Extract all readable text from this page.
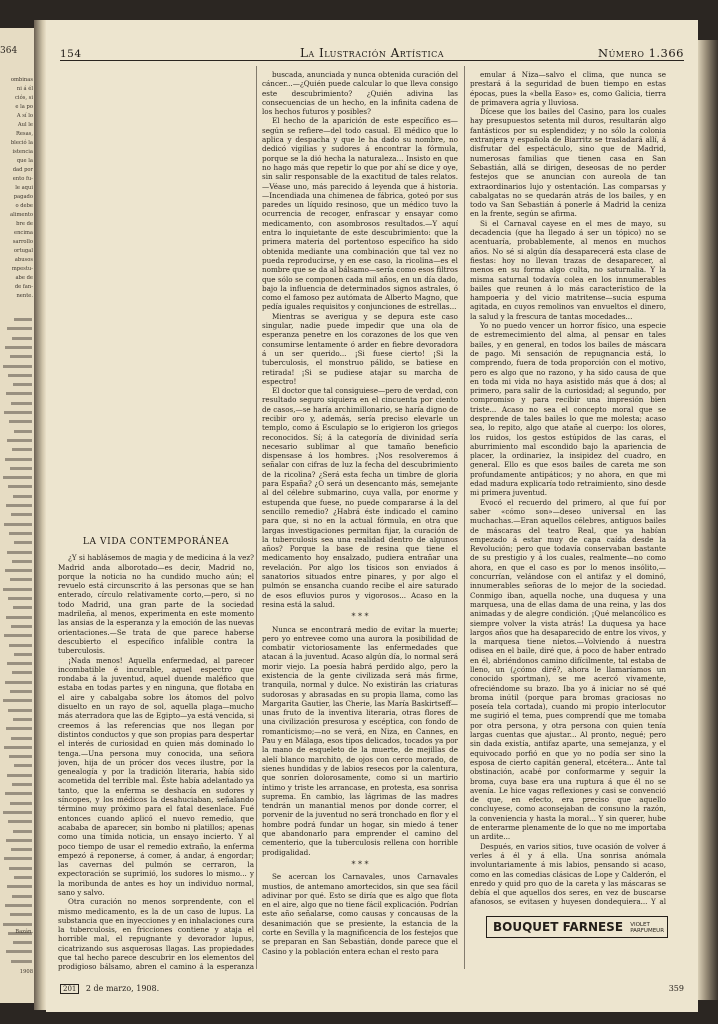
364
ombinas
ni á él
ciós, si
e la po
A sí lo
Aul le
Resas,
bleció la
istencia
que la
dad por
ento fu-
le aqui
pagado
o debe
alimento
bre de
encima
sarrollo
ortugal
abusos
mpestu-
abe de
de fan-
nente.
Bazán.
1908
154	La Ilustración Artística	Número 1.366

LA VIDA CONTEMPORÁNEA

¿Y si hablásemos de magia y de medicina á la vez? Madrid anda alborotado—es decir, Madrid no, porque la noticia no ha cundido mucho aún; el revuelo está circunscrito á las personas que se han enterado, círculo relativamente corto,—pero, si no todo Madrid, una gran parte de la sociedad madrileña, al menos, experimenta en este momento las ansias de la esperanza y la emoción de las nuevas orientaciones.—Se trata de que parece haberse descubierto el específico infalible contra la tuberculosis.

¡Nada menos! Aquella enfermedad, al parecer incombatible é incurable, aquel espectro que rondaba á la juventud, aquel duende maléfico que estaba en todas partes y en ninguna, que flotaba en el aire y cabalgaba sobre los átomos del polvo disuelto en un rayo de sol, aquella plaga—mucho más aterradora que las de Egipto—ya está vencida, si creemos á las referencias que nos llegan por distintos conductos y que son propias para despertar el interés de curiosidad en quien más dominado lo tenga.—Una persona muy conocida, una señora joven, hija de un prócer dos veces ilustre, por la genealogía y por la tradición literaria, había sido acometida del terrible mal. Éste había adelantado ya tanto, que la enferma se deshacía en sudores y síncopes, y los médicos la desahuciaban, señalando término muy próximo para el fatal desenlace. Fué entonces cuando aplicó el nuevo remedio, que acababa de aparecer, sin bombo ni platillos; apenas como una tímida noticia, un ensayo incierto. Y al poco tiempo de usar el remedio extraño, la enferma empezó á reponerse, á comer, á andar, á engordar; las cavernas del pulmón se cerraron, la expectoración se suprimió, los sudores lo mismo... y la moribunda de antes es hoy un individuo normal, sano y salvo.

Otra curación no menos sorprendente, con el mismo medicamento, es la de un caso de lupus. La substancia que en inyecciones y en inhalaciones cura la tuberculosis, en fricciones contiene y ataja el horrible mal, el repugnante y devorador lupus, cicatrizando sus asquerosas llagas. Las propiedades que tal hecho parece descubrir en los elementos del prodigioso bálsamo, abren el camino á la esperanza

buscada, anunciada y nunca obtenida curación del cáncer...—¿Quién puede calcular lo que lleva consigo este descubrimiento? ¿Quién adivina las consecuencias de un hecho, en la infinita cadena de los hechos futuros y posibles?

El hecho de la aparición de este específico es—según se refiere—del todo casual. El médico que lo aplica y despacha y que le ha dado su nombre, no dedicó vigilias y sudores á encontrar la fórmula, porque se la dió hecha la naturaleza... Insisto en que no hago más que repetir lo que por ahí se dice y oye, sin salir responsable de la exactitud de tales relatos.—Véase uno, más parecido á leyenda que á historia.—Incendiada una chimenea de fábrica, goteó por sus paredes un líquido resinoso, que un médico tuvo la ocurrencia de recoger, enfrascar y ensayar como medicamento, con asombrosos resultados.—Y aquí entra lo inquietante de este descubrimiento: que la primera materia del portentoso específico ha sido obtenida mediante una combinación que tal vez no pueda reproducirse, y en ese caso, la ricolina—es el nombre que se da al bálsamo—sería como esos filtros que sólo se componen cada mil años, en un día dado, bajo la influencia de determinados signos astrales, ó como el famoso pez autómata de Alberto Magno, que pedía iguales requisitos y conjunciones de estrellas...

Mientras se averigua y se depura este caso singular, nadie puede impedir que una ola de esperanza penetre en los corazones de los que ven consumirse lentamente ó arder en fiebre devoradora á un ser querido... ¡Si fuese cierto! ¡Si la tuberculosis, el monstruo pálido, se batiese en retirada! ¡Si se pudiese atajar su marcha de espectro!

El doctor que tal consiguiese—pero de verdad, con resultado seguro siquiera en el cincuenta por ciento de casos,—se haría archimillonario, se haría digno de recibir oro y, además, sería preciso elevarle un templo, como á Esculapio se lo erigieron los griegos reconocidos. Sí; á la categoría de divinidad sería necesario sublimar al que tamaño beneficio dispensase á los hombres. ¡Nos resolveremos á señalar con cifras de luz la fecha del descubrimiento de la ricolina? ¿Será esta fecha un timbre de gloria para España? ¿O será un desencanto más, semejante al del célebre submarino, cuya valla, por enorme y estupenda que fuese, no puede compararse á la del sencillo remedio? ¿Habrá éste indicado el camino para que, si no en la actual fórmula, en otra que largas investigaciones permitan fijar, la curación de la tuberculosis sea una realidad dentro de algunos años? Porque la base de resina que tiene el medicamento hoy ensalzado, pudiera entrañar una revelación. Por algo los tísicos son enviados á sanatorios situados entre pinares, y por algo el pulmón se ensancha cuando recibe el aire saturado de esos efluvios puros y vigorosos... Acaso en la resina está la salud.

* * *

Nunca se encontrará medio de evitar la muerte; pero yo entrevee como una aurora la posibilidad de combatir victoriosamente las enfermedades que atacan á la juventud. Acaso algún día, lo normal será morir viejo. La poesía habrá perdido algo, pero la existencia de la gente civilizada será más firme, tranquila, normal y dulce. No existirán las criaturas sudorosas y abrasadas en su propia llama, como las Margarita Gautier, las Cherie, las María Baskirtseff—unas fruto de la inventiva literaria, otras flores de una civilización presurosa y escéptica, con fondo de romanticismo;—no se verá, en Niza, en Cannes, en Pau y en Málaga, esos tipos delicados, tocados ya por la mano de esqueleto de la muerte, de mejillas de alelí blanco marchito, de ojos con cerco morado, de sienes hundidas y de labios resecos por la calentura, que sonríen dolorosamente, como si un martirio íntimo y triste les arrancase, en protesta, esa sonrisa suprema. En cambio, las lágrimas de las madres tendrán un manantial menos por donde correr, el porvenir de la juventud no será tronchado en flor y el hombre podrá fundar un hogar, sin miedo á tener que abandonarlo para emprender el camino del cementerio, que la tuberculosis rellena con horrible prodigalidad.

* * *

Se acercan los Carnavales, unos Carnavales mustios, de antemano amortecidos, sin que sea fácil adivinar por qué. Esto se diría que es algo que flota en el aire, algo que no tiene fácil explicación. Podrían este año señalarse, como causas y concausas de la desanimación que se presiente, la estancia de la corte en Sevilla y la magnificencia de los festejos que se preparan en San Sebastián, donde parece que el Casino y la población entera echan el resto para

emular á Niza—salvo el clima, que nunca se prestará á la seguridad de buen tiempo en estas épocas, pues la «bella Easo» es, como Galicia, tierra de primavera agria y lluviosa.

Dícese que los bailes del Casino, para los cuales hay presupuestos setenta mil duros, resultarán algo fantásticos por su esplendidez; y no sólo la colonia extranjera y española de Biarritz se trasladará allí, á disfrutar del espectáculo, sino que de Madrid, numerosas familias que tienen casa en San Sebastián, allá se dirigen, deseosas de no perder festejos que se anuncian con aureola de tan extraordinarios lujo y ostentación. Las comparsas y cabalgatas no se quedarán atrás de los bailes, y en todo va San Sebastián á ponerle á Madrid la ceniza en la frente, según se afirma.

Si el Carnaval cayese en el mes de mayo, su decadencia (que ha llegado á ser un tópico) no se acentuaría, probablemente, al menos en muchos años. No sé si algún día desaparecerá esta clase de fiestas: hoy no llevan trazas de desaparecer, al menos en su forma algo culta, no saturnalia. Y la misma saturnal todavía colea en los innumerables bailes que reunen á lo más característico de la hampoeria y del vicio matritense—sucia espuma agitada, en cuyos remolinos van envueltos el dinero, la salud y la frescura de tantas mocedades...

Yo no puedo vencer un horror físico, una especie de estremecimiento del alma, al pensar en tales bailes, y en general, en todos los bailes de máscara de pago. Mi sensación de repugnancia está, lo comprendo, fuera de toda proporción con el motivo, pero es algo que no razono, y ha sido causa de que en toda mi vida no haya asistido más que á dos; al primero, para salir de la curiosidad; al segundo, por compromiso y para recibir una impresión bien triste... Acaso no sea el concepto moral que se desprende de tales bailes lo que me molesta; acaso sea, lo repito, algo que atañe al cuerpo: los olores, los ruidos, los gestos estúpidos de las caras, el aburrimiento mal escondido bajo la apariencia de placer, la ordinariez, la insipidez del cuadro, en general. Ello es que esos bailes de careta me son profundamente antipáticos; y no ahora, en que mi edad madura explicaría todo retraimiento, sino desde mi primera juventud.

Evocó el recuerdo del primero, al que fuí por saber «cómo son»—deseo universal en las muchachas.—Eran aquellos célebres, antiguos bailes de máscaras del teatro Real, que ya habían empezado á estar muy de capa caída desde la Revolución; pero que todavía conservaban bastante de su prestigio y á los cuales, realmente—no como ahora, en que el caso es por lo menos insólito,—concurrían, velándose con el antifaz y el dominó, innumerables señoras de lo mejor de la sociedad. Conmigo iban, aquella noche, una duquesa y una marquesa, una de ellas dama de una reina, y las dos animadas y de alegre condición. ¡Qué melancólico es siempre volver la vista atrás! La duquesa ya hace largos años que ha desaparecido de entre los vivos, y la marquesa tiene nietos.—Volviendo á nuestra odisea en el baile, diré que, á poco de haber entrado en él, abriéndonos camino difícilmente, tal estaba de lleno, un (¿cómo diré?, ahora le llamaríamos un conocido sportman), se me acercó vivamente, ofreciéndome su brazo. Iba yo á iniciar no sé qué broma inútil (porque para bromas graciosas no poseía tela cortada), cuando mi propio interlocutor me sugirió el tema, pues comprendí que me tomaba por otra persona, y otra persona con quien tenía largas cuentas que ajustar... Al pronto, negué; pero sin dada existía, antifaz aparte, una semejanza, y el equivocado porfió en que yo no podía ser sino la esposa de cierto capitán general, etcétera... Ante tal obstinación, acabé por conformarme y seguir la broma, cuya base era una ruptura á que él no se avenía. Le hice vagas reflexiones y casi se convenció de que, en efecto, era preciso que aquello concluyese, como aconsejaban de consuno la razón, la conveniencia y hasta la moral... Y sin querer, hube de enterarme plenamente de lo que no me importaba un ardite...

Después, en varios sitios, tuve ocasión de volver á verles á él y á ella. Una sonrisa anómala involuntariamente á mis labios, pensando si acaso, como en las comedias clásicas de Lope y Calderón, el enredo y quid pro quo de la careta y las máscaras se debía el que aquellos dos seres, en vez de buscarse afanosos, se evitasen y huyesen dondequiera... Y al

BOUQUET FARNESE VIOLET
PARFUMEUR
201 2 de marzo, 1908.	359
